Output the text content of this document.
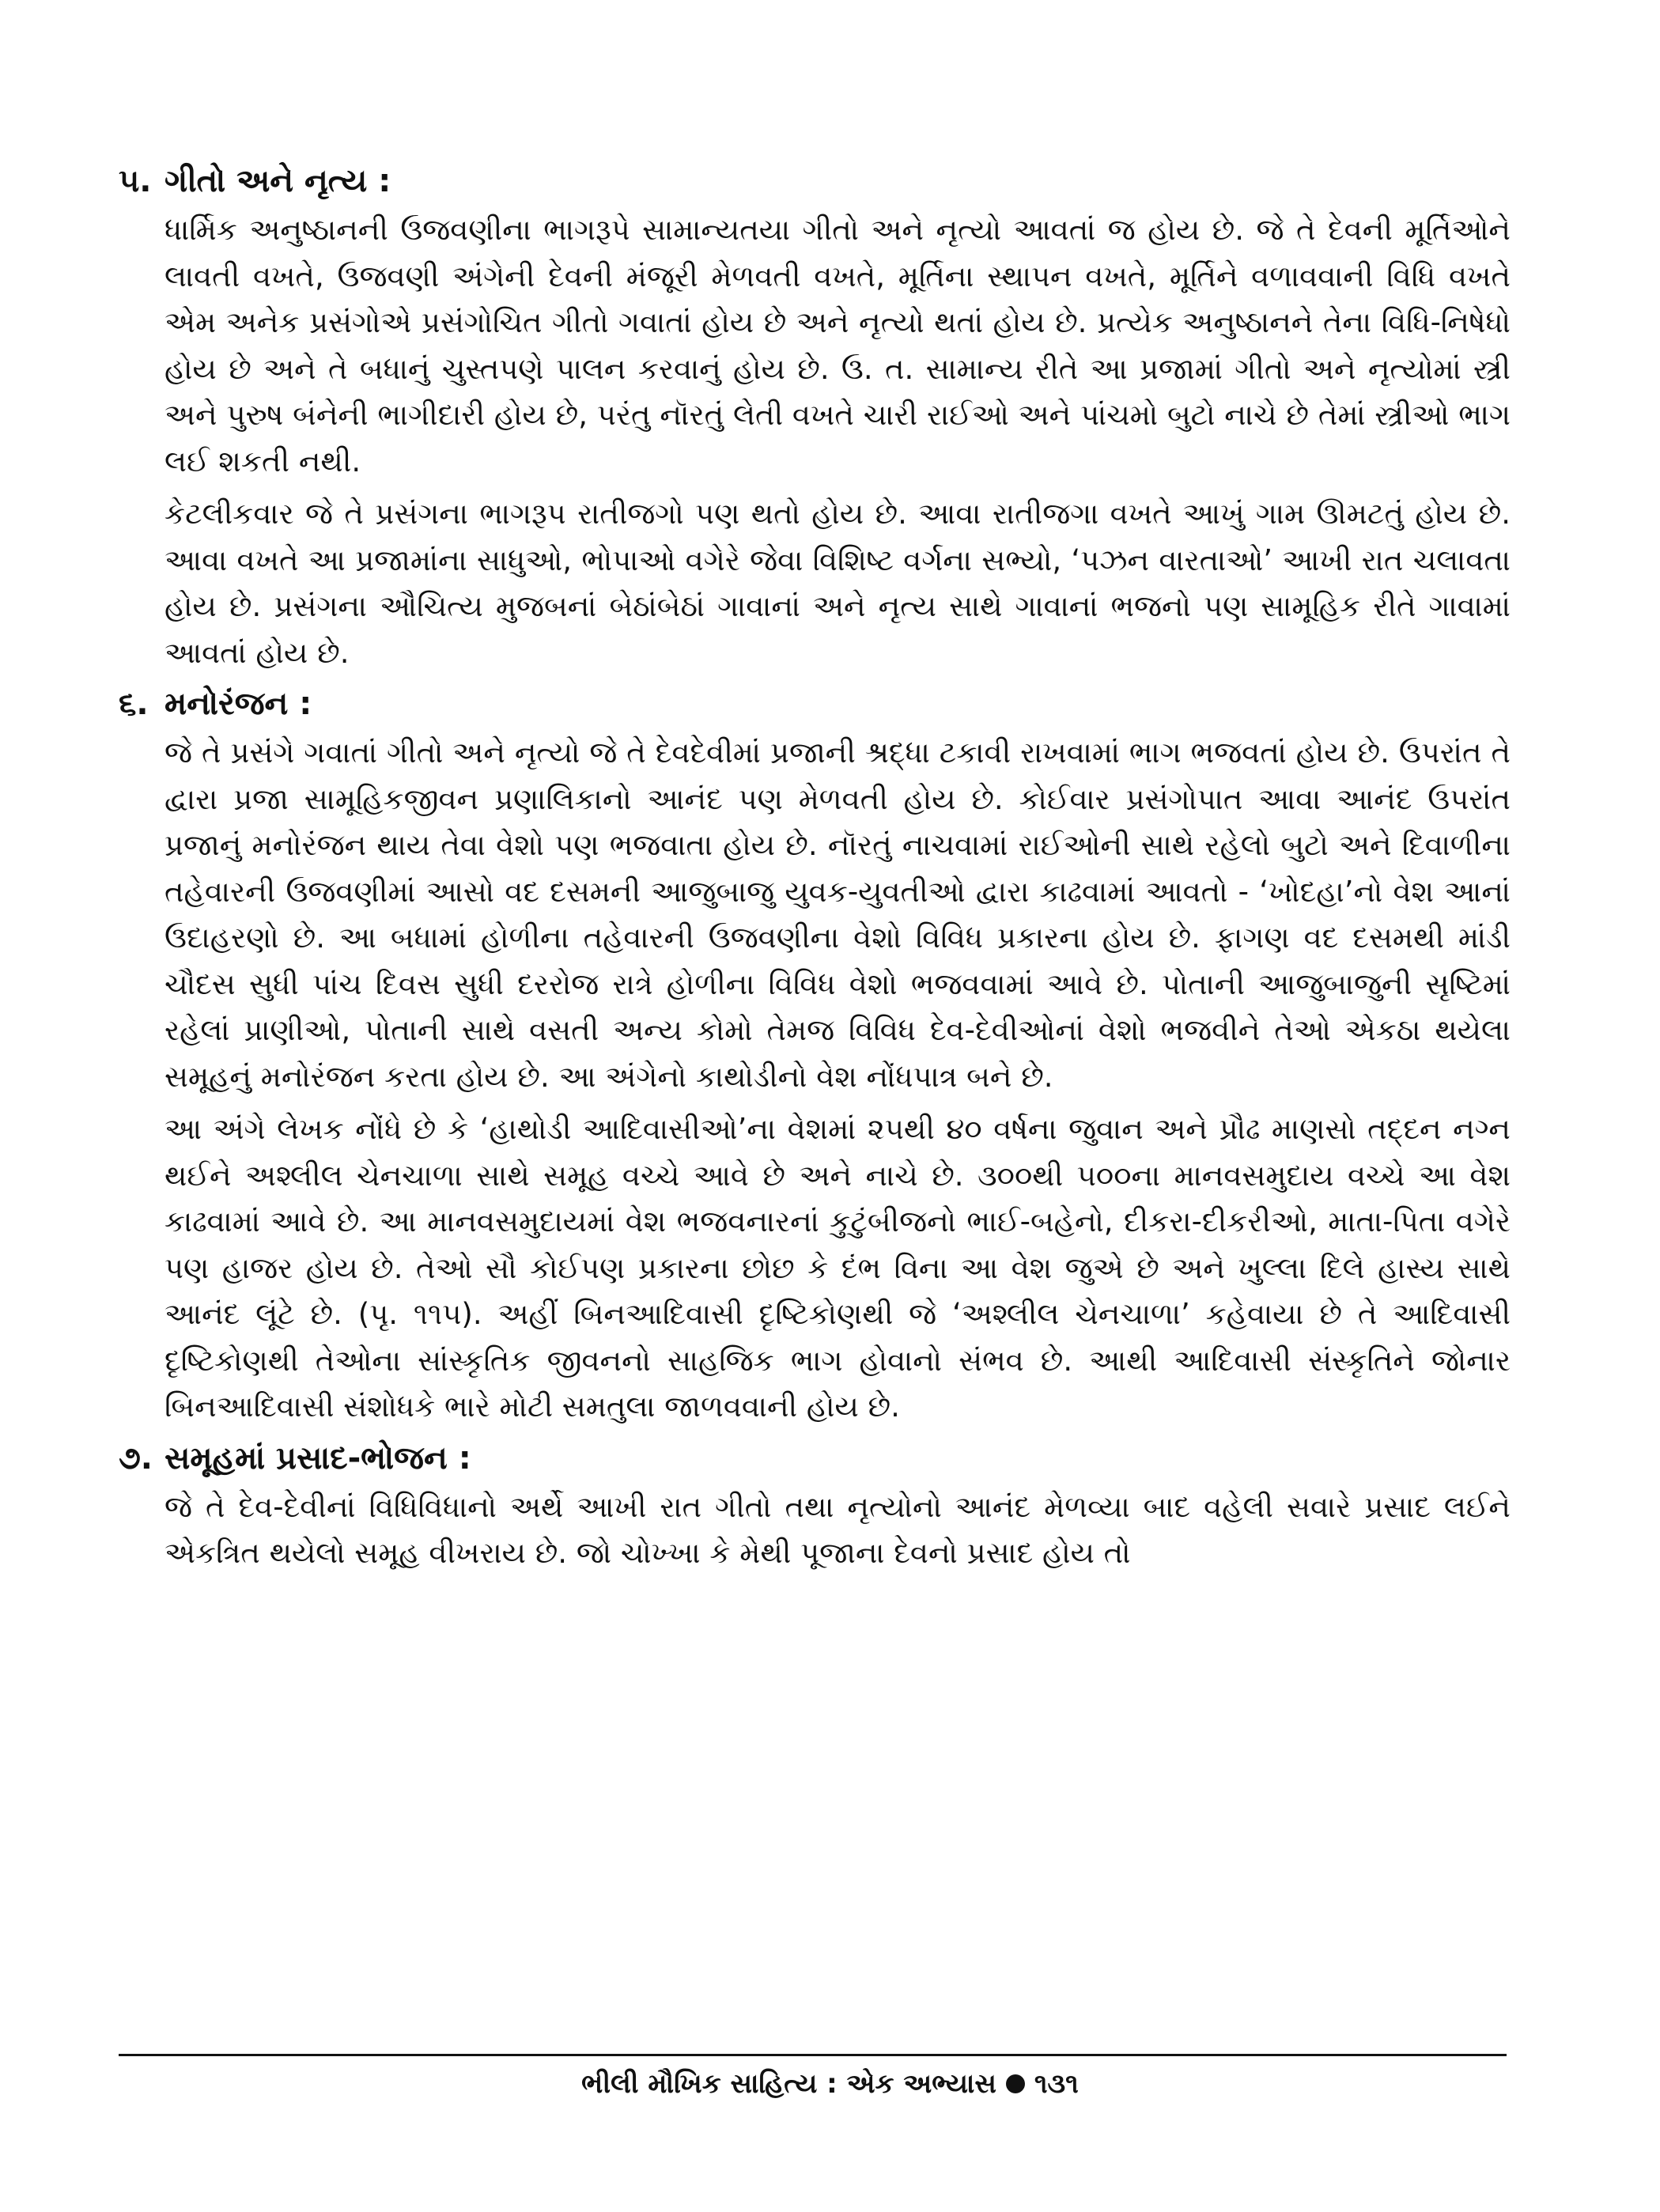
૫. ગીતો અને નૃત્ય :

ધાર્મિક અનુષ્ઠાનની ઉજવણીના ભાગરૂપે સામાન્યતયા ગીતો અને નૃત્યો આવતાં જ હોય છે. જે તે દેવની મૂર્તિઓને લાવતી વખતે, ઉજવણી અંગેની દેવની મંજૂરી મેળવતી વખતે, મૂર્તિના સ્થાપન વખતે, મૂર્તિને વળાવવાની વિધિ વખતે એમ અનેક પ્રસંગોએ પ્રસંગોચિત ગીતો ગવાતાં હોય છે અને નૃત્યો થતાં હોય છે. પ્રત્યેક અનુષ્ઠાનને તેના વિધિ-નિષેધો હોય છે અને તે બધાનું ચુસ્તપણે પાલન કરવાનું હોય છે. ઉ. ત. સામાન્ય રીતે આ પ્રજામાં ગીતો અને નૃત્યોમાં સ્ત્રી અને પુરુષ બંનેની ભાગીદારી હોય છે, પરંતુ નૉરતું લેતી વખતે ચારી રાઈઓ અને પાંચમો બુટો નાચે છે તેમાં સ્ત્રીઓ ભાગ લઈ શકતી નથી.

કેટલીકવાર જે તે પ્રસંગના ભાગરૂપ રાતીજગો પણ થતો હોય છે. આવા રાતીજગા વખતે આખું ગામ ઊમટતું હોય છે. આવા વખતે આ પ્રજામાંના સાધુઓ, ભોપાઓ વગેરે જેવા વિશિષ્ટ વર્ગના સભ્યો, ‘પઝન વારતાઓ’ આખી રાત ચલાવતા હોય છે. પ્રસંગના ઔચિત્ય મુજબનાં બેઠાંબેઠાં ગાવાનાં અને નૃત્ય સાથે ગાવાનાં ભજનો પણ સામૂહિક રીતે ગાવામાં આવતાં હોય છે.

૬. મનોરંજન :

જે તે પ્રસંગે ગવાતાં ગીતો અને નૃત્યો જે તે દેવદેવીમાં પ્રજાની શ્રદ્ધા ટકાવી રાખવામાં ભાગ ભજવતાં હોય છે. ઉપરાંત તે દ્વારા પ્રજા સામૂહિકજીવન પ્રણાલિકાનો આનંદ પણ મેળવતી હોય છે. કોઈવાર પ્રસંગોપાત આવા આનંદ ઉપરાંત પ્રજાનું મનોરંજન થાય તેવા વેશો પણ ભજવાતા હોય છે. નૉરતું નાચવામાં રાઈઓની સાથે રહેલો બુટો અને દિવાળીના તહેવારની ઉજવણીમાં આસો વદ દસમની આજુબાજુ યુવક-યુવતીઓ દ્વારા કાઢવામાં આવતો - ‘ખોદહા’નો વેશ આનાં ઉદાહરણો છે. આ બધામાં હોળીના તહેવારની ઉજવણીના વેશો વિવિધ પ્રકારના હોય છે. ફાગણ વદ દસમથી માંડી ચૌદસ સુધી પાંચ દિવસ સુધી દરરોજ રાત્રે હોળીના વિવિધ વેશો ભજવવામાં આવે છે. પોતાની આજુબાજુની સૃષ્ટિમાં રહેલાં પ્રાણીઓ, પોતાની સાથે વસતી અન્ય કોમો તેમજ વિવિધ દેવ-દેવીઓનાં વેશો ભજવીને તેઓ એકઠા થયેલા સમૂહનું મનોરંજન કરતા હોય છે. આ અંગેનો કાથોડીનો વેશ નોંધપાત્ર બને છે.

આ અંગે લેખક નોંધે છે કે ‘હાથોડી આદિવાસીઓ’ના વેશમાં ૨૫થી ૪૦ વર્ષના જુવાન અને પ્રૌઢ માણસો તદ્દન નગ્ન થઈને અશ્લીલ ચેનચાળા સાથે સમૂહ વચ્ચે આવે છે અને નાચે છે. ૩૦૦થી ૫૦૦ના માનવસમુદાય વચ્ચે આ વેશ કાઢવામાં આવે છે. આ માનવસમુદાયમાં વેશ ભજવનારનાં કુટુંબીજનો ભાઈ-બહેનો, દીકરા-દીકરીઓ, માતા-પિતા વગેરે પણ હાજર હોય છે. તેઓ સૌ કોઈપણ પ્રકારના છોછ કે દંભ વિના આ વેશ જુએ છે અને ખુલ્લા દિલે હાસ્ય સાથે આનંદ લૂંટે છે. (પૃ. ૧૧૫). અહીં બિનઆદિવાસી દૃષ્ટિકોણથી જે ‘અશ્લીલ ચેનચાળા’ કહેવાયા છે તે આદિવાસી દૃષ્ટિકોણથી તેઓના સાંસ્કૃતિક જીવનનો સાહજિક ભાગ હોવાનો સંભવ છે. આથી આદિવાસી સંસ્કૃતિને જોનાર બિનઆદિવાસી સંશોધકે ભારે મોટી સમતુલા જાળવવાની હોય છે.

૭. સમૂહમાં પ્રસાદ-ભોજન :

જે તે દેવ-દેવીનાં વિધિવિધાનો અર્થે આખી રાત ગીતો તથા નૃત્યોનો આનંદ મેળવ્યા બાદ વહેલી સવારે પ્રસાદ લઈને એકત્રિત થયેલો સમૂહ વીખરાય છે. જો ચોખ્ખા કે મેથી પૂજાના દેવનો પ્રસાદ હોય તો

ભીલી મૌખિક સાહિત્ય : એક અભ્યાસ ૧૩૧
